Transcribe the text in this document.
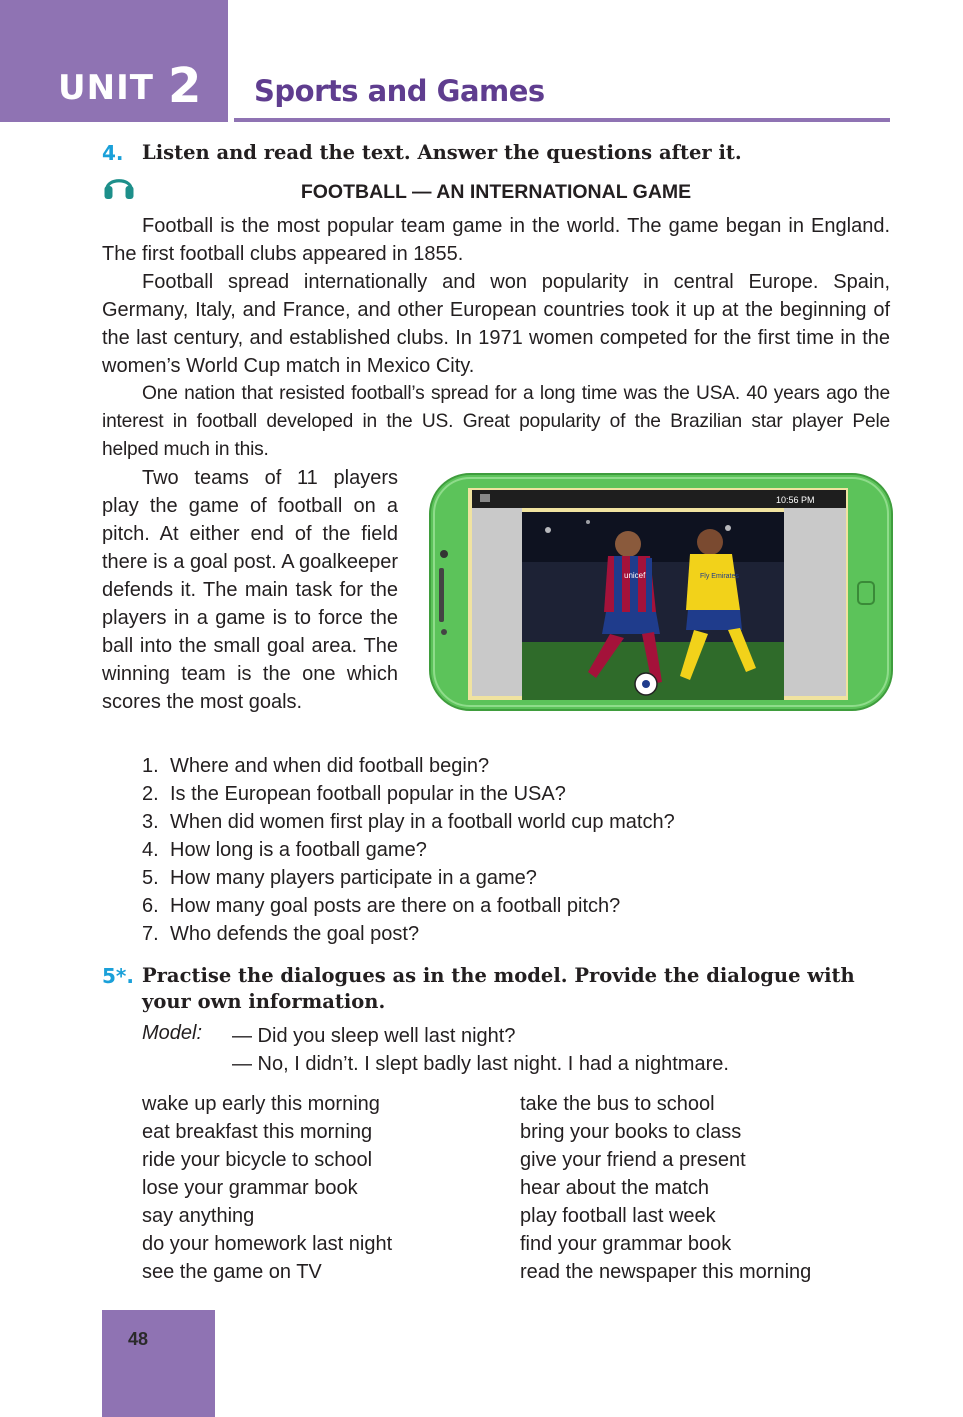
UNIT 2 Sports and Games
4. Listen and read the text. Answer the questions after it.
FOOTBALL — AN INTERNATIONAL GAME

Football is the most popular team game in the world. The game began in England. The first football clubs appeared in 1855.

Football spread internationally and won popularity in central Europe. Spain, Germany, Italy, and France, and other European countries took it up at the beginning of the last century, and established clubs. In 1971 women competed for the first time in the women’s World Cup match in Mexico City.

One nation that resisted football’s spread for a long time was the USA. 40 years ago the interest in football developed in the US. Great popularity of the Brazilian star player Pele helped much in this.

Two teams of 11 players play the game of football on a pitch. At either end of the field there is a goal post. A goalkeeper defends it. The main task for the players in a game is to force the ball into the small goal area. The winning team is the one which scores the most goals.

10:56 PM
unicef	Fly Emirates
1. Where and when did football begin?
2. Is the European football popular in the USA?
3. When did women first play in a football world cup match?
4. How long is a football game?
5. How many players participate in a game?
6. How many goal posts are there on a football pitch?
7. Who defends the goal post?
5*. Practise the dialogues as in the model. Provide the dialogue with
your own information.
Model: — Did you sleep well last night?
— No, I didn’t. I slept badly last night. I had a nightmare.
wake up early this morning
eat breakfast this morning
ride your bicycle to school
lose your grammar book
say anything
do your homework last night
see the game on TV
take the bus to school
bring your books to class
give your friend a present
hear about the match
play football last week
find your grammar book
read the newspaper this morning
48
